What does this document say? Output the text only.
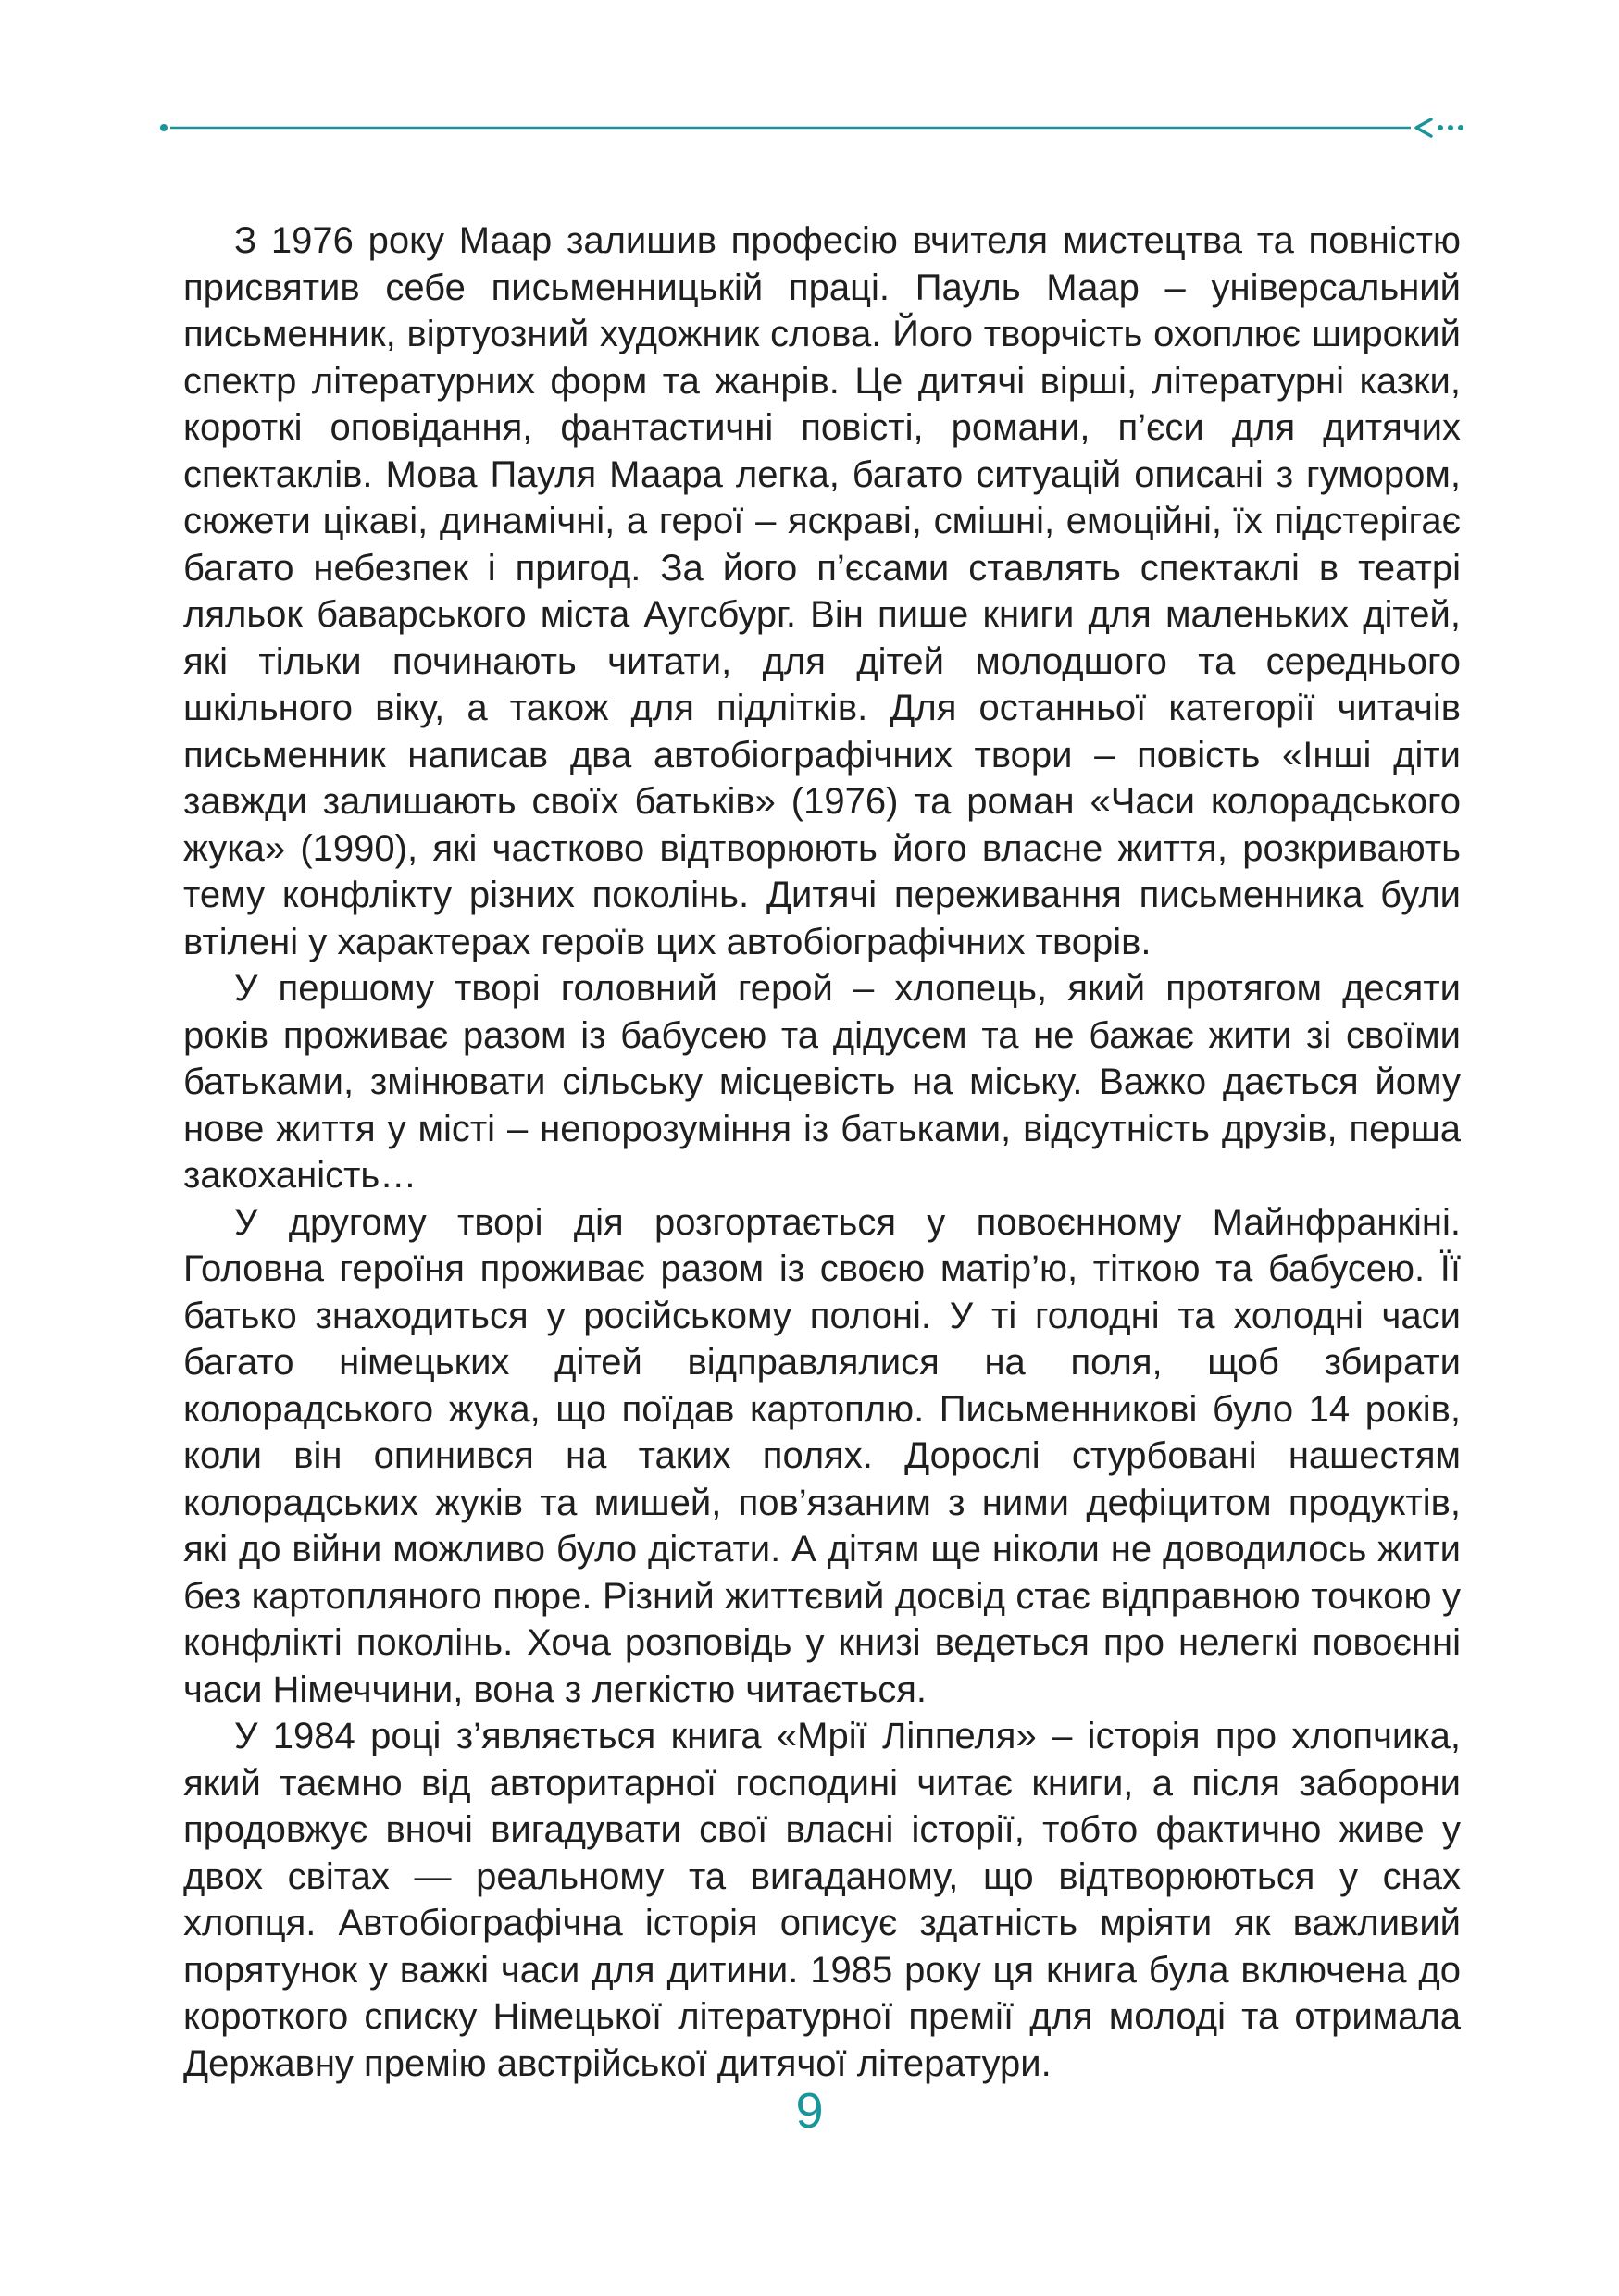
З 1976 року Маар залишив професію вчителя мистецтва та повністю присвятив себе письменницькій праці. Пауль Маар – універсальний письменник, віртуозний художник слова. Його творчість охоплює широкий спектр літературних форм та жанрів. Це дитячі вірші, літературні казки, короткі оповідання, фантастичні повісті, романи, п’єси для дитячих спектаклів. Мова Пауля Маара легка, багато ситуацій описані з гумором, сюжети цікаві, динамічні, а герої – яскраві, смішні, емоційні, їх підстерігає багато небезпек і пригод. За його п’єсами ставлять спектаклі в театрі ляльок баварського міста Аугсбург. Він пише книги для маленьких дітей, які тільки починають читати, для дітей молодшого та середнього шкільного віку, а також для підлітків. Для останньої категорії читачів письменник написав два автобіографічних твори – повість «Інші діти завжди залишають своїх батьків» (1976) та роман «Часи колорадського жука» (1990), які частково відтворюють його власне життя, розкривають тему конфлікту різних поколінь. Дитячі переживання письменника були втілені у характерах героїв цих автобіографічних творів.

У першому творі головний герой – хлопець, який протягом десяти років проживає разом із бабусею та дідусем та не бажає жити зі своїми батьками, змінювати сільську місцевість на міську. Важко дається йому нове життя у місті – непорозуміння із батьками, відсутність друзів, перша закоханість…

У другому творі дія розгортається у повоєнному Майнфранкіні. Головна героїня проживає разом із своєю матір’ю, тіткою та бабусею. Її батько знаходиться у російському полоні. У ті голодні та холодні часи багато німецьких дітей відправлялися на поля, щоб збирати колорадського жука, що поїдав картоплю. Письменникові було 14 років, коли він опинився на таких полях. Дорослі стурбовані нашестям колорадських жуків та мишей, пов’язаним з ними дефіцитом продуктів, які до війни можливо було дістати. А дітям ще ніколи не доводилось жити без картопляного пюре. Різний життєвий досвід стає відправною точкою у конфлікті поколінь. Хоча розповідь у книзі ведеться про нелегкі повоєнні часи Німеччини, вона з легкістю читається.

У 1984 році з’являється книга «Мрії Ліппеля» – історія про хлопчика, який таємно від авторитарної господині читає книги, а після заборони продовжує вночі вигадувати свої власні історії, тобто фактично живе у двох світах — реальному та вигаданому, що відтворюються у снах хлопця. Автобіографічна історія описує здатність мріяти як важливий порятунок у важкі часи для дитини. 1985 року ця книга була включена до короткого списку Німецької літературної премії для молоді та отримала Державну премію австрійської дитячої літератури.

9
